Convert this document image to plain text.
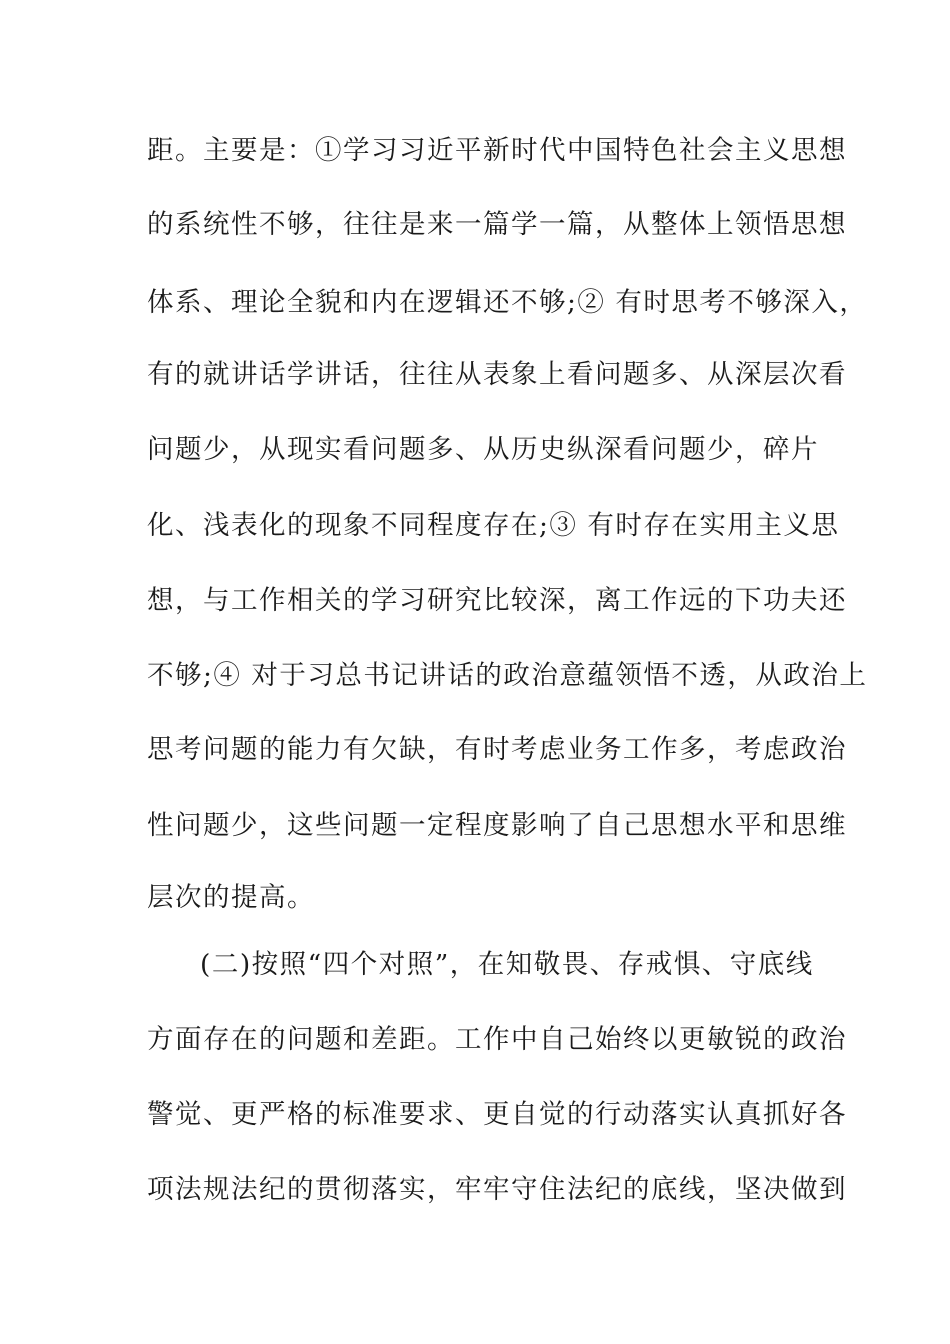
距。主要是：①学习习近平新时代中国特色社会主义思想
的系统性不够，往往是来一篇学一篇，从整体上领悟思想
体系、理论全貌和内在逻辑还不够;② 有时思考不够深入，
有的就讲话学讲话，往往从表象上看问题多、从深层次看
问题少，从现实看问题多、从历史纵深看问题少，碎片
化、浅表化的现象不同程度存在;③ 有时存在实用主义思
想，与工作相关的学习研究比较深，离工作远的下功夫还
不够;④ 对于习总书记讲话的政治意蕴领悟不透，从政治上
思考问题的能力有欠缺，有时考虑业务工作多，考虑政治
性问题少，这些问题一定程度影响了自己思想水平和思维
层次的提高。
(二)按照“四个对照”，在知敬畏、存戒惧、守底线
方面存在的问题和差距。工作中自己始终以更敏锐的政治
警觉、更严格的标准要求、更自觉的行动落实认真抓好各
项法规法纪的贯彻落实，牢牢守住法纪的底线，坚决做到
